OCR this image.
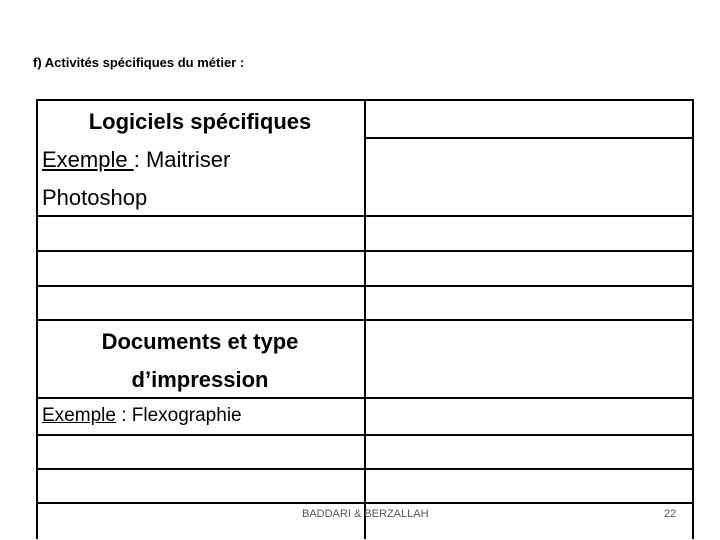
f) Activités spécifiques du métier :
Logiciels spécifiques
Exemple : Maitriser
Photoshop
Documents et type
d’impression
Exemple : Flexographie
BADDARI & BERZALLAH	22
